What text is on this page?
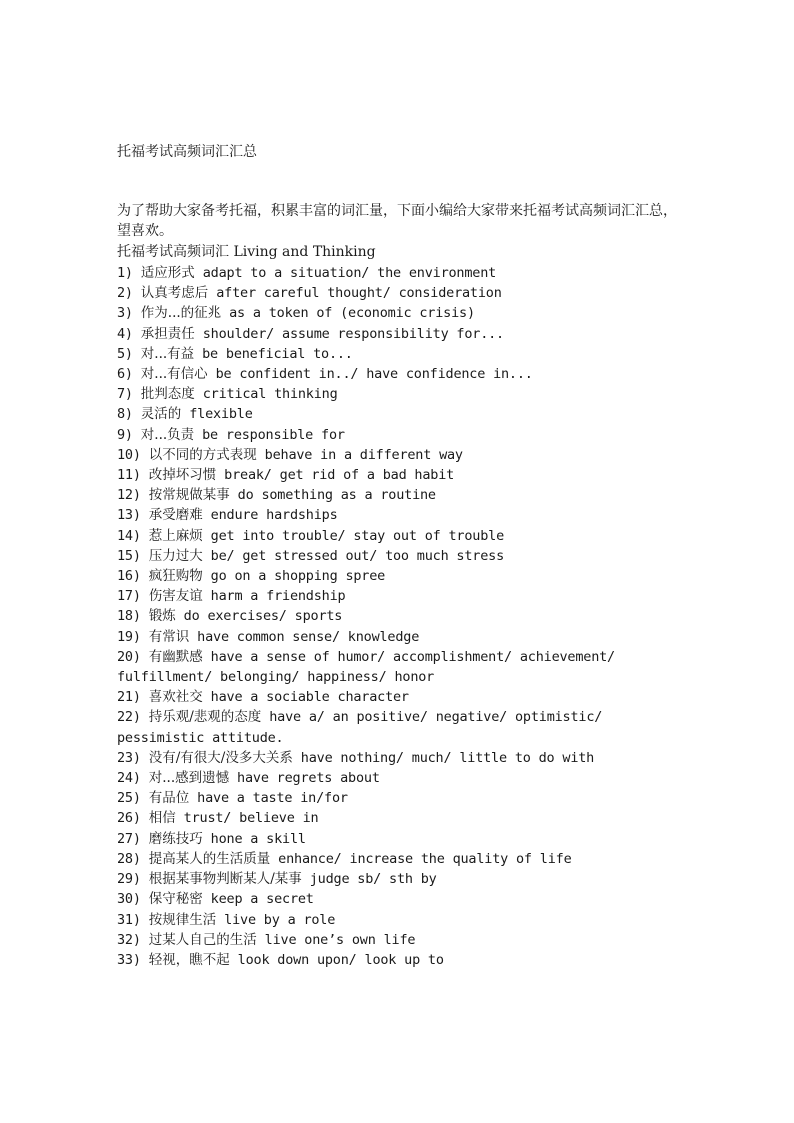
托福考试高频词汇汇总

为了帮助大家备考托福，积累丰富的词汇量，下面小编给大家带来托福考试高频词汇汇总，望喜欢。

托福考试高频词汇 Living and Thinking
1) 适应形式 adapt to a situation/ the environment
2) 认真考虑后 after careful thought/ consideration
3) 作为...的征兆 as a token of (economic crisis)
4) 承担责任 shoulder/ assume responsibility for...
5) 对...有益 be beneficial to...
6) 对...有信心 be confident in../ have confidence in...
7) 批判态度 critical thinking
8) 灵活的 flexible
9) 对...负责 be responsible for
10) 以不同的方式表现 behave in a different way
11) 改掉坏习惯 break/ get rid of a bad habit
12) 按常规做某事 do something as a routine
13) 承受磨难 endure hardships
14) 惹上麻烦 get into trouble/ stay out of trouble
15) 压力过大 be/ get stressed out/ too much stress
16) 疯狂购物 go on a shopping spree
17) 伤害友谊 harm a friendship
18) 锻炼 do exercises/ sports
19) 有常识 have common sense/ knowledge
20) 有幽默感 have a sense of humor/ accomplishment/ achievement/ fulfillment/ belonging/ happiness/ honor
21) 喜欢社交 have a sociable character
22) 持乐观/悲观的态度 have a/ an positive/ negative/ optimistic/ pessimistic attitude.
23) 没有/有很大/没多大关系 have nothing/ much/ little to do with
24) 对...感到遗憾 have regrets about
25) 有品位 have a taste in/for
26) 相信 trust/ believe in
27) 磨练技巧 hone a skill
28) 提高某人的生活质量 enhance/ increase the quality of life
29) 根据某事物判断某人/某事 judge sb/ sth by
30) 保守秘密 keep a secret
31) 按规律生活 live by a role
32) 过某人自己的生活 live one’s own life
33) 轻视，瞧不起 look down upon/ look up to
